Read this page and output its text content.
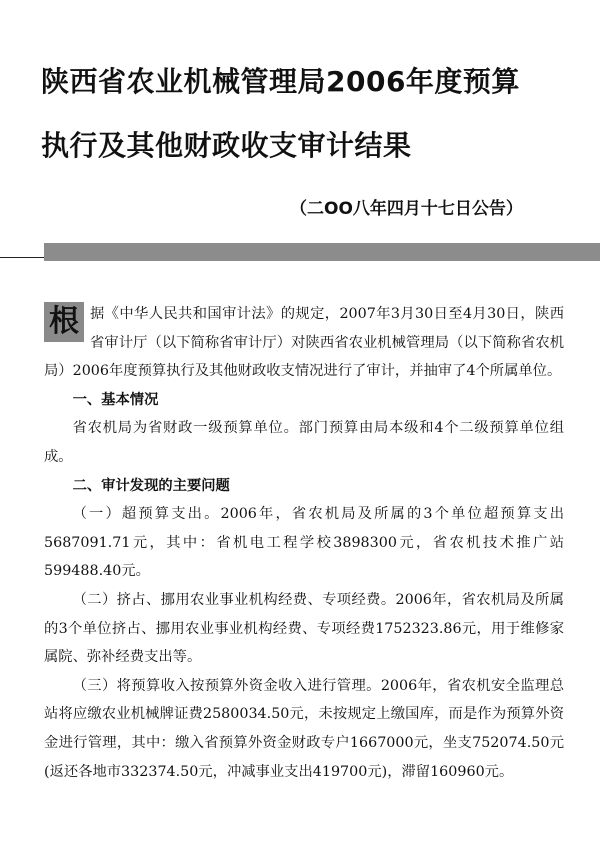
陕西省农业机械管理局2006年度预算
执行及其他财政收支审计结果
（二OO八年四月十七日公告）

根 据《中华人民共和国审计法》的规定，2007年3月30日至4月30日，陕西省审计厅（以下简称省审计厅）对陕西省农业机械管理局（以下简称省农机局）2006年度预算执行及其他财政收支情况进行了审计，并抽审了4个所属单位。

一、基本情况

省农机局为省财政一级预算单位。部门预算由局本级和4个二级预算单位组成。

二、审计发现的主要问题

（一）超预算支出。2006年，省农机局及所属的3个单位超预算支出5687091.71元，其中：省机电工程学校3898300元，省农机技术推广站599488.40元。

（二）挤占、挪用农业事业机构经费、专项经费。2006年，省农机局及所属的3个单位挤占、挪用农业事业机构经费、专项经费1752323.86元，用于维修家属院、弥补经费支出等。

（三）将预算收入按预算外资金收入进行管理。2006年，省农机安全监理总站将应缴农业机械牌证费2580034.50元，未按规定上缴国库，而是作为预算外资金进行管理，其中：缴入省预算外资金财政专户1667000元，坐支752074.50元(返还各地市332374.50元，冲减事业支出419700元)，滞留160960元。
